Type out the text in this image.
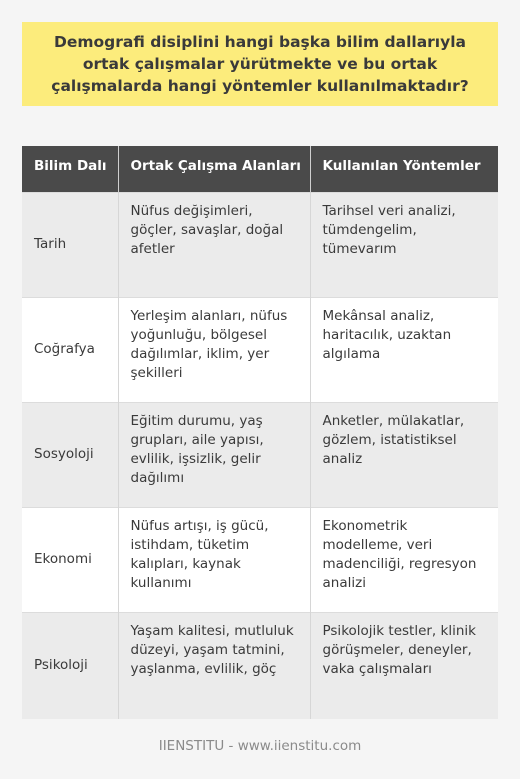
Demografi disiplini hangi başka bilim dallarıyla ortak çalışmalar yürütmekte ve bu ortak çalışmalarda hangi yöntemler kullanılmaktadır?
Bilim Dalı	Ortak Çalışma Alanları	Kullanılan Yöntemler
Tarih	Nüfus değişimleri, göçler, savaşlar, doğal afetler	Tarihsel veri analizi, tümdengelim, tümevarım
Coğrafya	Yerleşim alanları, nüfus yoğunluğu, bölgesel dağılımlar, iklim, yer şekilleri	Mekânsal analiz, haritacılık, uzaktan algılama
Sosyoloji	Eğitim durumu, yaş grupları, aile yapısı, evlilik, işsizlik, gelir dağılımı	Anketler, mülakatlar, gözlem, istatistiksel analiz
Ekonomi	Nüfus artışı, iş gücü, istihdam, tüketim kalıpları, kaynak kullanımı	Ekonometrik modelleme, veri madenciliği, regresyon analizi
Psikoloji	Yaşam kalitesi, mutluluk düzeyi, yaşam tatmini, yaşlanma, evlilik, göç	Psikolojik testler, klinik görüşmeler, deneyler, vaka çalışmaları
IIENSTITU - www.iienstitu.com
